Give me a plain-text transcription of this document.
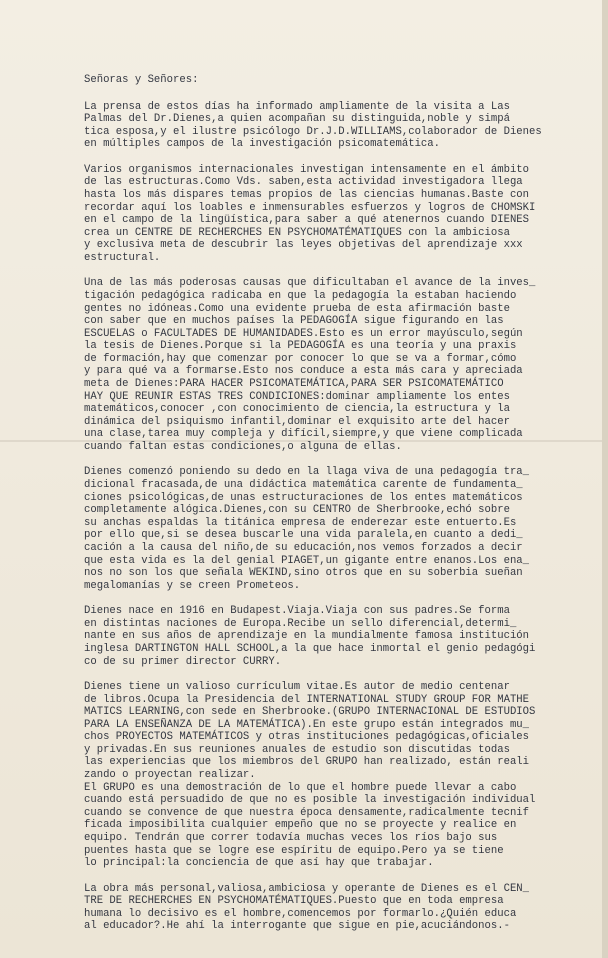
Señoras y Señores:
La prensa de estos días ha informado ampliamente de la visita a Las
Palmas del Dr.Dienes,a quien acompañan su distinguida,noble y simpá
tica esposa,y el ilustre psicólogo Dr.J.D.WILLIAMS,colaborador de Dienes
en múltiples campos de la investigación psicomatemática.
Varios organismos internacionales investigan intensamente en el ámbito
de las estructuras.Como Vds. saben,esta actividad investigadora llega
hasta los más dispares temas propios de las ciencias humanas.Baste con
recordar aquí los loables e inmensurables esfuerzos y logros de CHOMSKI
en el campo de la lingüística,para saber a qué atenernos cuando DIENES
crea un CENTRE DE RECHERCHES EN PSYCHOMATÉMATIQUES con la ambiciosa
y exclusiva meta de descubrir las leyes objetivas del aprendizaje xxx
estructural.
Una de las más poderosas causas que dificultaban el avance de la inves_
tigación pedagógica radicaba en que la pedagogía la estaban haciendo
gentes no idóneas.Como una evidente prueba de esta afirmación baste
con saber que en muchos países la PEDAGOGÍA sigue figurando en las
ESCUELAS o FACULTADES DE HUMANIDADES.Esto es un error mayúsculo,según
la tesis de Dienes.Porque si la PEDAGOGÍA es una teoría y una praxis
de formación,hay que comenzar por conocer lo que se va a formar,cómo
y para qué va a formarse.Esto nos conduce a esta más cara y apreciada
meta de Dienes:PARA HACER PSICOMATEMÁTICA,PARA SER PSICOMATEMÁTICO
HAY QUE REUNIR ESTAS TRES CONDICIONES:dominar ampliamente los entes
matemáticos,conocer ,con conocimiento de ciencia,la estructura y la
dinámica del psiquismo infantil,dominar el exquisito arte del hacer
una clase,tarea muy compleja y difícil,siempre,y que viene complicada
cuando faltan estas condiciones,o alguna de ellas.
Dienes comenzó poniendo su dedo en la llaga viva de una pedagogía tra_
dicional fracasada,de una didáctica matemática carente de fundamenta_
ciones psicológicas,de unas estructuraciones de los entes matemáticos
completamente alógica.Dienes,con su CENTRO de Sherbrooke,echó sobre
su anchas espaldas la titánica empresa de enderezar este entuerto.Es
por ello que,si se desea buscarle una vida paralela,en cuanto a dedi_
cación a la causa del niño,de su educación,nos vemos forzados a decir
que esta vida es la del genial PIAGET,un gigante entre enanos.Los ena_
nos no son los que señala WEKIND,sino otros que en su soberbia sueñan
megalomanías y se creen Prometeos.
Dienes nace en 1916 en Budapest.Viaja.Viaja con sus padres.Se forma
en distintas naciones de Europa.Recibe un sello diferencial,determi_
nante en sus años de aprendizaje en la mundialmente famosa institución
inglesa DARTINGTON HALL SCHOOL,a la que hace inmortal el genio pedagógi
co de su primer director CURRY.
Dienes tiene un valioso currículum vitae.Es autor de medio centenar
de libros.Ocupa la Presidencia del INTERNATIONAL STUDY GROUP FOR MATHE
MATICS LEARNING,con sede en Sherbrooke.(GRUPO INTERNACIONAL DE ESTUDIOS
PARA LA ENSEÑANZA DE LA MATEMÁTICA).En este grupo están integrados mu_
chos PROYECTOS MATEMÁTICOS y otras instituciones pedagógicas,oficiales
y privadas.En sus reuniones anuales de estudio son discutidas todas
las experiencias que los miembros del GRUPO han realizado, están reali
zando o proyectan realizar.
El GRUPO es una demostración de lo que el hombre puede llevar a cabo
cuando está persuadido de que no es posible la investigación individual
cuando se convence de que nuestra época densamente,radicalmente tecnif
ficada imposibilita cualquier empeño que no se proyecte y realice en
equipo. Tendrán que correr todavía muchas veces los ríos bajo sus
puentes hasta que se logre ese espíritu de equipo.Pero ya se tiene
lo principal:la conciencia de que así hay que trabajar.
La obra más personal,valiosa,ambiciosa y operante de Dienes es el CEN_
TRE DE RECHERCHES EN PSYCHOMATÉMATIQUES.Puesto que en toda empresa
humana lo decisivo es el hombre,comencemos por formarlo.¿Quién educa
al educador?.He ahí la interrogante que sigue en pie,acuciándonos.-
